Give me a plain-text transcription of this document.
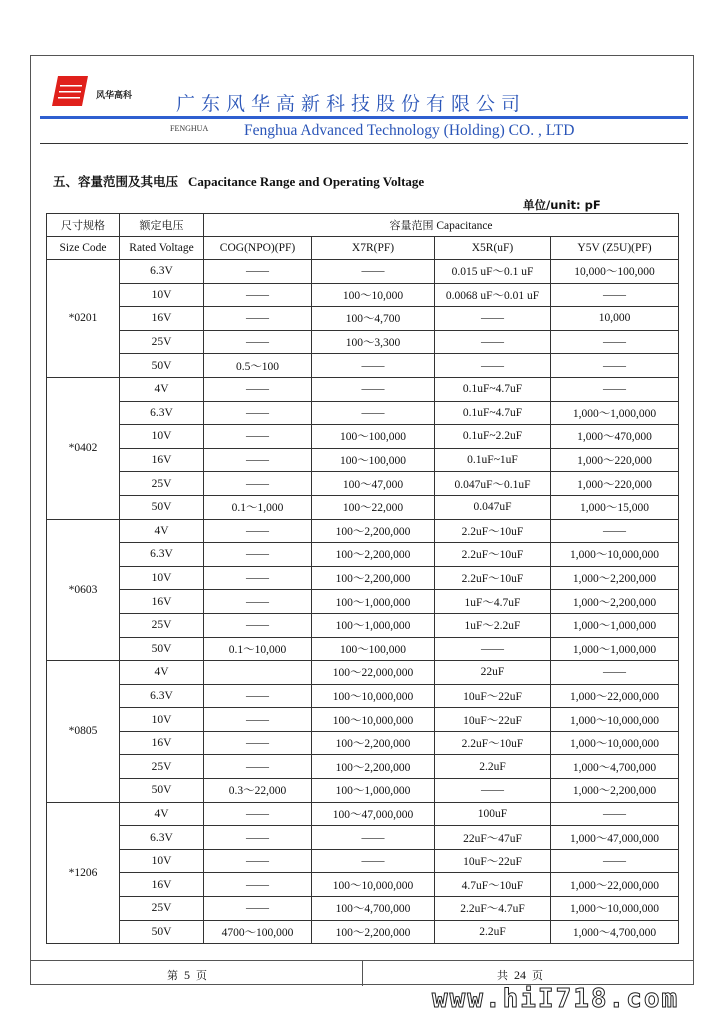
风华高科 广东风华高新科技股份有限公司
FENGHUA Fenghua Advanced Technology (Holding) CO. , LTD
五、容量范围及其电压 Capacitance Range and Operating Voltage
单位/unit: pF
尺寸规格	额定电压	容量范围 Capacitance			
Size Code	Rated Voltage	COG(NPO)(PF)	X7R(PF)	X5R(uF)	Y5V (Z5U)(PF)
*0201	6.3V	——	——	0.015 uF～0.1 uF	10,000～100,000
	10V	——	100～10,000	0.0068 uF～0.01 uF	——
	16V	——	100～4,700	——	10,000
	25V	——	100～3,300	——	——
	50V	0.5～100	——	——	——
*0402	4V	——	——	0.1uF~4.7uF	——
	6.3V	——	——	0.1uF~4.7uF	1,000～1,000,000
	10V	——	100～100,000	0.1uF~2.2uF	1,000～470,000
	16V	——	100～100,000	0.1uF~1uF	1,000～220,000
	25V	——	100～47,000	0.047uF～0.1uF	1,000～220,000
	50V	0.1～1,000	100～22,000	0.047uF	1,000～15,000
*0603	4V	——	100～2,200,000	2.2uF～10uF	——
	6.3V	——	100～2,200,000	2.2uF～10uF	1,000～10,000,000
	10V	——	100～2,200,000	2.2uF～10uF	1,000～2,200,000
	16V	——	100～1,000,000	1uF～4.7uF	1,000～2,200,000
	25V	——	100～1,000,000	1uF～2.2uF	1,000～1,000,000
	50V	0.1～10,000	100～100,000	——	1,000～1,000,000
*0805	4V		100～22,000,000	22uF	——
	6.3V	——	100～10,000,000	10uF～22uF	1,000～22,000,000
	10V	——	100～10,000,000	10uF～22uF	1,000～10,000,000
	16V	——	100～2,200,000	2.2uF～10uF	1,000～10,000,000
	25V	——	100～2,200,000	2.2uF	1,000～4,700,000
	50V	0.3～22,000	100～1,000,000	——	1,000～2,200,000
*1206	4V	——	100～47,000,000	100uF	——
	6.3V	——	——	22uF～47uF	1,000～47,000,000
	10V	——	——	10uF～22uF	——
	16V	——	100～10,000,000	4.7uF～10uF	1,000～22,000,000
	25V	——	100～4,700,000	2.2uF～4.7uF	1,000～10,000,000
	50V	4700～100,000	100～2,200,000	2.2uF	1,000～4,700,000
第 5 页	共 24 页
www.hiI718.com
